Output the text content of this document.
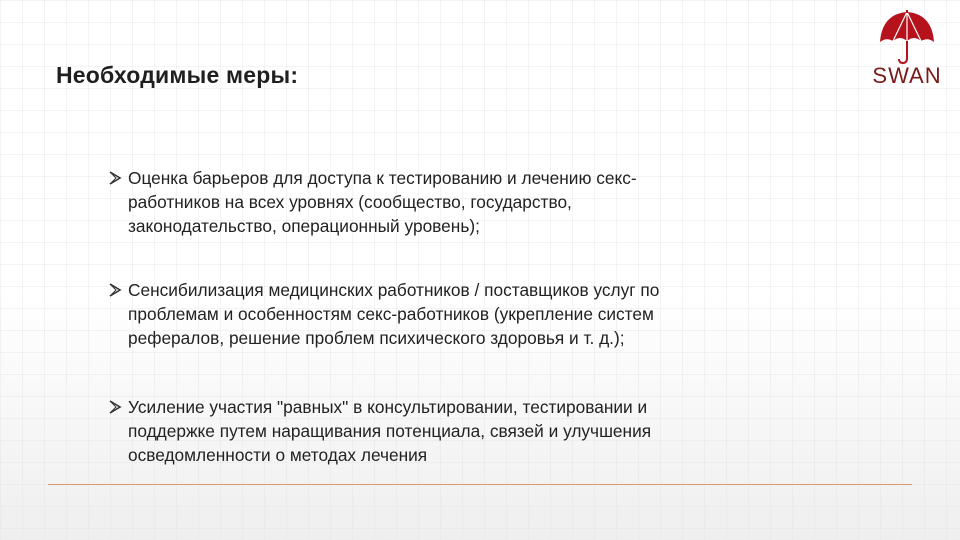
Необходимые меры:	SWAN
Оценка барьеров для доступа к тестированию и лечению секс-
работников на всех уровнях (сообщество, государство,
законодательство, операционный уровень);
Сенсибилизация медицинских работников / поставщиков услуг по
проблемам и особенностям секс-работников (укрепление систем
рефералов, решение проблем психического здоровья и т. д.);
Усиление участия "равных" в консультировании, тестировании и
поддержке путем наращивания потенциала, связей и улучшения
осведомленности о методах лечения
